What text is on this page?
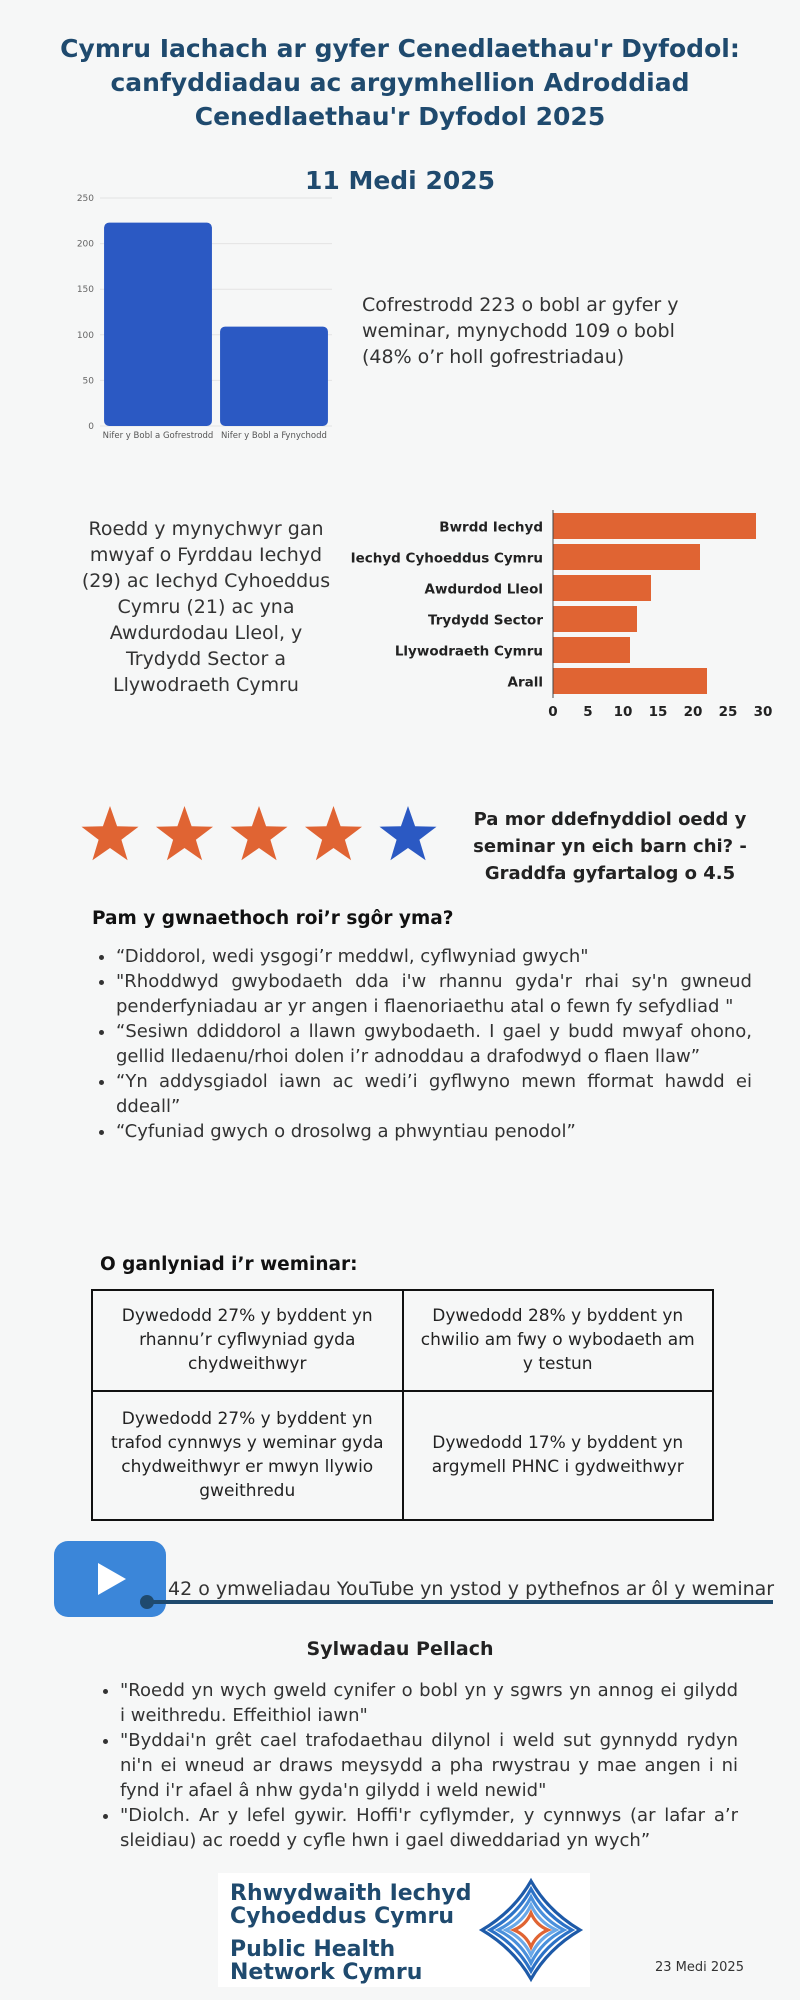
Cymru Iachach ar gyfer Cenedlaethau'r Dyfodol: canfyddiadau ac argymhellion Adroddiad Cenedlaethau'r Dyfodol 2025
11 Medi 2025
0
50
100
150
200
250
Nifer y Bobl a Gofrestrodd Nifer y Bobl a Fynychodd
Cofrestrodd 223 o bobl ar gyfer y weminar, mynychodd 109 o bobl (48% o’r holl gofrestriadau)
Roedd y mynychwyr gan mwyaf o Fyrddau Iechyd (29) ac Iechyd Cyhoeddus Cymru (21) ac yna Awdurdodau Lleol, y Trydydd Sector a Llywodraeth Cymru
Bwrdd Iechyd
Iechyd Cyhoeddus Cymru
Awdurdod Lleol
Trydydd Sector
Llywodraeth Cymru
Arall
0 5 10 15 20 25 30
Pa mor ddefnyddiol oedd y seminar yn eich barn chi? - Graddfa gyfartalog o 4.5
Pam y gwnaethoch roi’r sgôr yma?
• “Diddorol, wedi ysgogi’r meddwl, cyflwyniad gwych"
• "Rhoddwyd gwybodaeth dda i'w rhannu gyda'r rhai sy'n gwneud penderfyniadau ar yr angen i flaenoriaethu atal o fewn fy sefydliad "
• “Sesiwn ddiddorol a llawn gwybodaeth. I gael y budd mwyaf ohono, gellid lledaenu/rhoi dolen i’r adnoddau a drafodwyd o flaen llaw”
• “Yn addysgiadol iawn ac wedi’i gyflwyno mewn fformat hawdd ei ddeall”
• “Cyfuniad gwych o drosolwg a phwyntiau penodol”
O ganlyniad i’r weminar:
Dywedodd 27% y byddent yn rhannu’r cyflwyniad gyda chydweithwyr	Dywedodd 28% y byddent yn chwilio am fwy o wybodaeth am y testun
Dywedodd 27% y byddent yn trafod cynnwys y weminar gyda chydweithwyr er mwyn llywio gweithredu	Dywedodd 17% y byddent yn argymell PHNC i gydweithwyr
42 o ymweliadau YouTube yn ystod y pythefnos ar ôl y weminar
Sylwadau Pellach
• "Roedd yn wych gweld cynifer o bobl yn y sgwrs yn annog ei gilydd i weithredu. Effeithiol iawn"
• "Byddai'n grêt cael trafodaethau dilynol i weld sut gynnydd rydyn ni'n ei wneud ar draws meysydd a pha rwystrau y mae angen i ni fynd i'r afael â nhw gyda'n gilydd i weld newid"
• "Diolch. Ar y lefel gywir. Hoffi'r cyflymder, y cynnwys (ar lafar a’r sleidiau) ac roedd y cyfle hwn i gael diweddariad yn wych”
Rhwydwaith Iechyd
Cyhoeddus Cymru
Public Health
Network Cymru	23 Medi 2025
